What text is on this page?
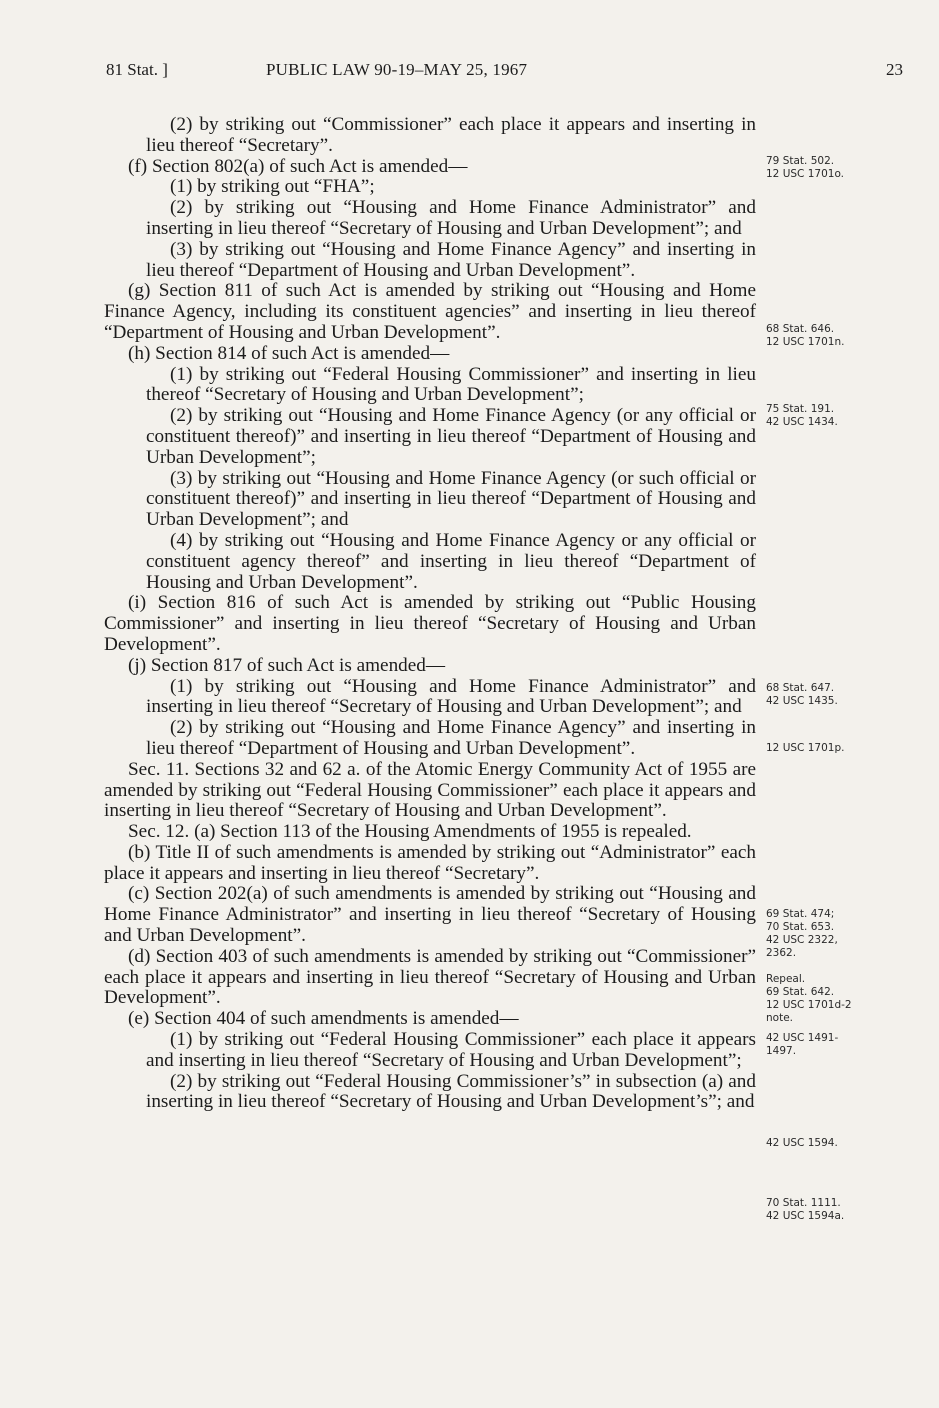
81 Stat. ]	PUBLIC LAW 90-19–MAY 25, 1967	23

(2) by striking out “Commissioner” each place it appears and inserting in lieu thereof “Secretary”.

(f) Section 802(a) of such Act is amended—

(1) by striking out “FHA”;

(2) by striking out “Housing and Home Finance Administrator” and inserting in lieu thereof “Secretary of Housing and Urban Development”; and

(3) by striking out “Housing and Home Finance Agency” and inserting in lieu thereof “Department of Housing and Urban Development”.

(g) Section 811 of such Act is amended by striking out “Housing and Home Finance Agency, including its constituent agencies” and inserting in lieu thereof “Department of Housing and Urban Development”.

(h) Section 814 of such Act is amended—

(1) by striking out “Federal Housing Commissioner” and inserting in lieu thereof “Secretary of Housing and Urban Development”;

(2) by striking out “Housing and Home Finance Agency (or any official or constituent thereof)” and inserting in lieu thereof “Department of Housing and Urban Development”;

(3) by striking out “Housing and Home Finance Agency (or such official or constituent thereof)” and inserting in lieu thereof “Department of Housing and Urban Development”; and

(4) by striking out “Housing and Home Finance Agency or any official or constituent agency thereof” and inserting in lieu thereof “Department of Housing and Urban Development”.

(i) Section 816 of such Act is amended by striking out “Public Housing Commissioner” and inserting in lieu thereof “Secretary of Housing and Urban Development”.

(j) Section 817 of such Act is amended—

(1) by striking out “Housing and Home Finance Administrator” and inserting in lieu thereof “Secretary of Housing and Urban Development”; and

(2) by striking out “Housing and Home Finance Agency” and inserting in lieu thereof “Department of Housing and Urban Development”.

Sec. 11. Sections 32 and 62 a. of the Atomic Energy Community Act of 1955 are amended by striking out “Federal Housing Commissioner” each place it appears and inserting in lieu thereof “Secretary of Housing and Urban Development”.

Sec. 12. (a) Section 113 of the Housing Amendments of 1955 is repealed.

(b) Title II of such amendments is amended by striking out “Administrator” each place it appears and inserting in lieu thereof “Secretary”.

(c) Section 202(a) of such amendments is amended by striking out “Housing and Home Finance Administrator” and inserting in lieu thereof “Secretary of Housing and Urban Development”.

(d) Section 403 of such amendments is amended by striking out “Commissioner” each place it appears and inserting in lieu thereof “Secretary of Housing and Urban Development”.

(e) Section 404 of such amendments is amended—

(1) by striking out “Federal Housing Commissioner” each place it appears and inserting in lieu thereof “Secretary of Housing and Urban Development”;

(2) by striking out “Federal Housing Commissioner’s” in subsection (a) and inserting in lieu thereof “Secretary of Housing and Urban Development’s”; and

79 Stat. 502.
12 USC 1701o.
68 Stat. 646.
12 USC 1701n.
75 Stat. 191.
42 USC 1434.
68 Stat. 647.
42 USC 1435.
12 USC 1701p.
69 Stat. 474;
70 Stat. 653.
42 USC 2322,
2362.
Repeal.
69 Stat. 642.
12 USC 1701d-2
note.
42 USC 1491-
1497.
42 USC 1594.
70 Stat. 1111.
42 USC 1594a.
